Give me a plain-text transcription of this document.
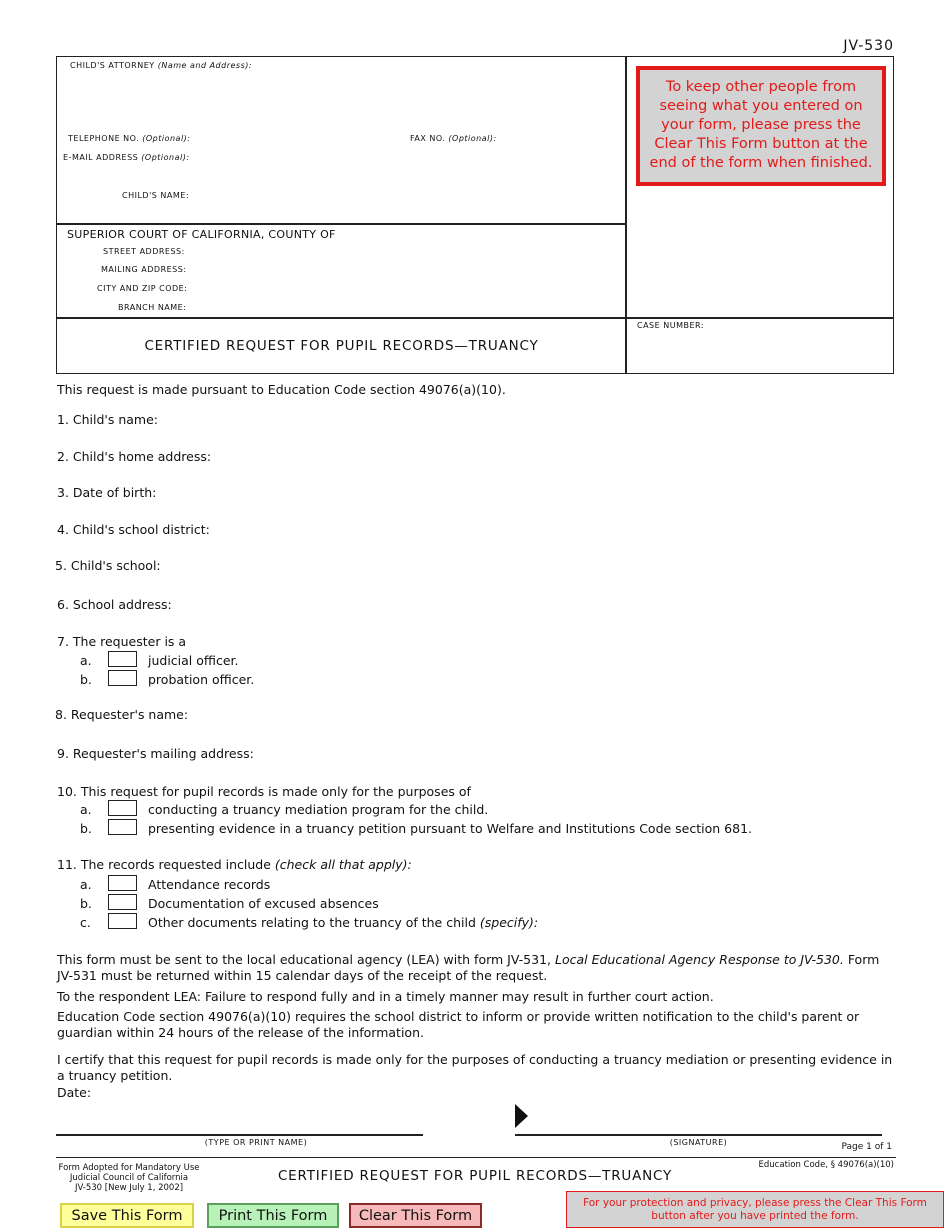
JV-530
CHILD'S ATTORNEY (Name and Address):
TELEPHONE NO. (Optional):	FAX NO. (Optional):
E-MAIL ADDRESS (Optional):
CHILD'S NAME:
SUPERIOR COURT OF CALIFORNIA, COUNTY OF
STREET ADDRESS:
MAILING ADDRESS:
CITY AND ZIP CODE:
BRANCH NAME:
CERTIFIED REQUEST FOR PUPIL RECORDS—TRUANCY
CASE NUMBER:
To keep other people from seeing what you entered on your form, please press the Clear This Form button at the end of the form when finished.
This request is made pursuant to Education Code section 49076(a)(10).
1. Child's name:
2. Child's home address:
3. Date of birth:
4. Child's school district:
5. Child's school:
6. School address:
7. The requester is a
a.	judicial officer.
b.	probation officer.
8. Requester's name:
9. Requester's mailing address:
10. This request for pupil records is made only for the purposes of
a.	conducting a truancy mediation program for the child.
b.	presenting evidence in a truancy petition pursuant to Welfare and Institutions Code section 681.
11. The records requested include (check all that apply):
a.	Attendance records
b.	Documentation of excused absences
c.	Other documents relating to the truancy of the child (specify):
This form must be sent to the local educational agency (LEA) with form JV-531, Local Educational Agency Response to JV-530. Form JV-531 must be returned within 15 calendar days of the receipt of the request.
To the respondent LEA: Failure to respond fully and in a timely manner may result in further court action.
Education Code section 49076(a)(10) requires the school district to inform or provide written notification to the child's parent or guardian within 24 hours of the release of the information.
I certify that this request for pupil records is made only for the purposes of conducting a truancy mediation or presenting evidence in a truancy petition.
Date:
(TYPE OR PRINT NAME)	(SIGNATURE)	Page 1 of 1
Form Adopted for Mandatory Use
Judicial Council of California
JV-530 [New July 1, 2002]
CERTIFIED REQUEST FOR PUPIL RECORDS—TRUANCY
Education Code, § 49076(a)(10)
Save This Form	Print This Form	Clear This Form
For your protection and privacy, please press the Clear This Form button after you have printed the form.
